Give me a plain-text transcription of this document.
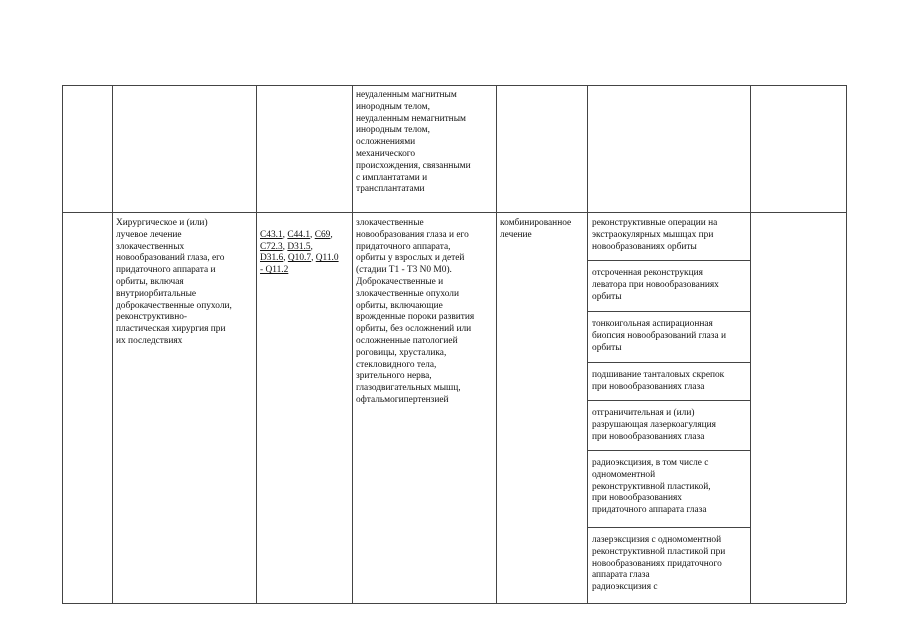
неудаленным магнитным
инородным телом,
неудаленным немагнитным
инородным телом,
осложнениями
механического
происхождения, связанными
с имплантатами и
трансплантатами
Хирургическое и (или)
лучевое лечение
злокачественных
новообразований глаза, его
придаточного аппарата и
орбиты, включая
внутриорбитальные
доброкачественные опухоли,
реконструктивно-
пластическая хирургия при
их последствиях

C43.1, C44.1, C69,
C72.3, D31.5,
D31.6, Q10.7, Q11.0
- Q11.2

злокачественные
новообразования глаза и его
придаточного аппарата,
орбиты у взрослых и детей
(стадии T1 - T3 N0 M0).
Доброкачественные и
злокачественные опухоли
орбиты, включающие
врожденные пороки развития
орбиты, без осложнений или
осложненные патологией
роговицы, хрусталика,
стекловидного тела,
зрительного нерва,
глазодвигательных мышц,
офтальмогипертензией
комбинированное
лечение
реконструктивные операции на
экстраокулярных мышцах при
новообразованиях орбиты
отсроченная реконструкция
леватора при новообразованиях
орбиты
тонкоигольная аспирационная
биопсия новообразований глаза и
орбиты
подшивание танталовых скрепок
при новообразованиях глаза
отграничительная и (или)
разрушающая лазеркоагуляция
при новообразованиях глаза
радиоэксцизия, в том числе с
одномоментной
реконструктивной пластикой,
при новообразованиях
придаточного аппарата глаза
лазерэксцизия с одномоментной
реконструктивной пластикой при
новообразованиях придаточного
аппарата глаза
радиоэксцизия с
